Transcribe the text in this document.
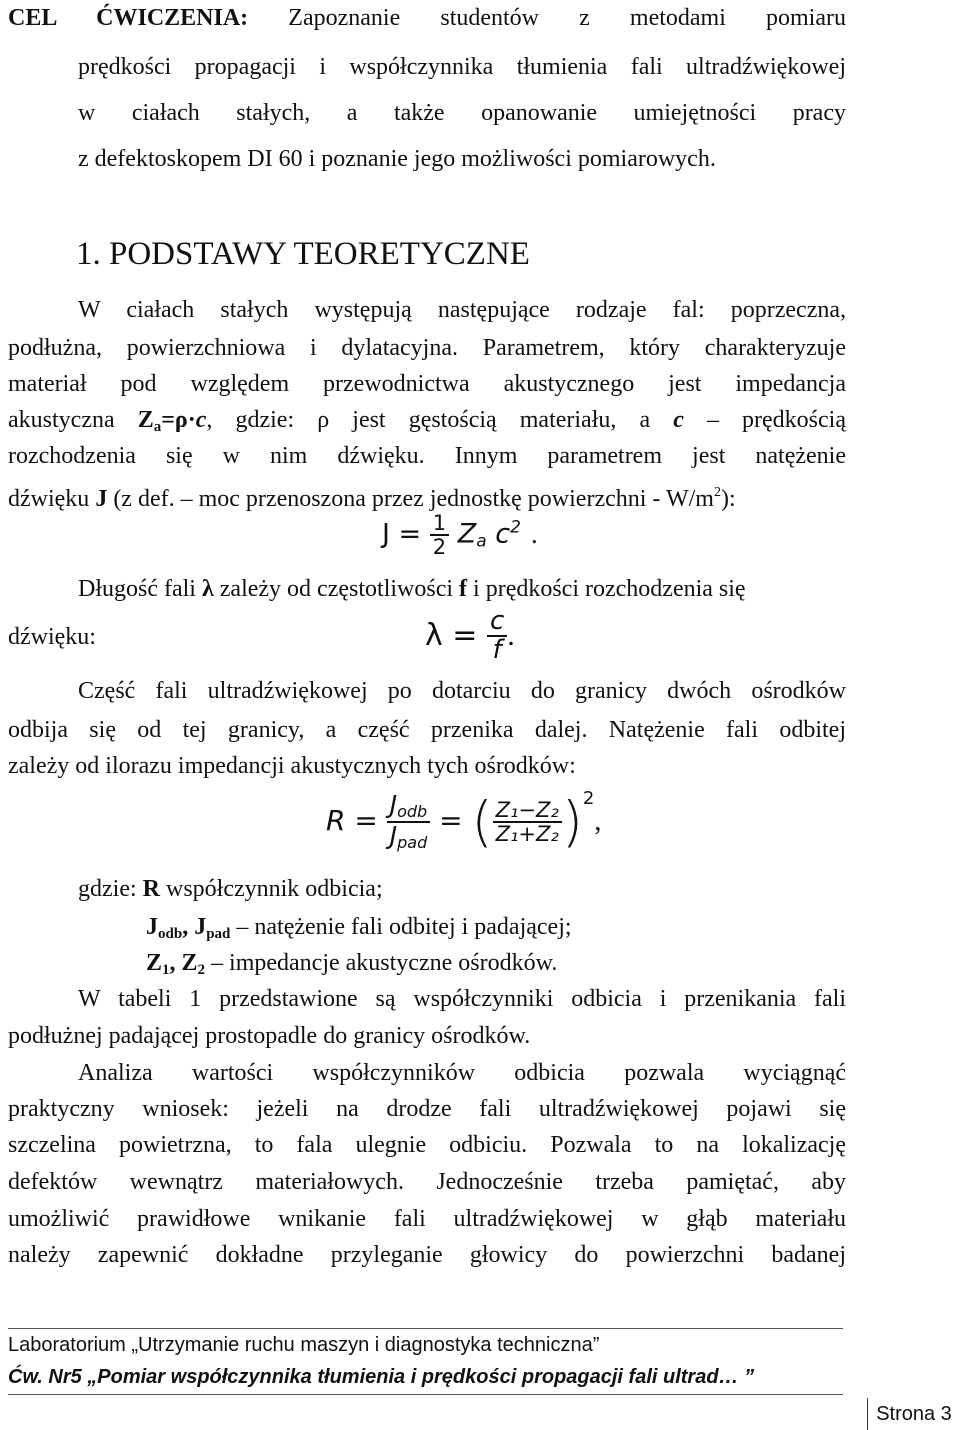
CEL ĆWICZENIA: Zapoznanie studentów z metodami pomiaru
prędkości propagacji i współczynnika tłumienia fali ultradźwiękowej
w ciałach stałych, a także opanowanie umiejętności pracy
z defektoskopem DI 60 i poznanie jego możliwości pomiarowych.
1. PODSTAWY TEORETYCZNE
W ciałach stałych występują następujące rodzaje fal: poprzeczna,
podłużna, powierzchniowa i dylatacyjna. Parametrem, który charakteryzuje
materiał pod względem przewodnictwa akustycznego jest impedancja
akustyczna $Z_a=\rho\cdot c$, gdzie: ρ jest gęstością materiału, a c – prędkością
rozchodzenia się w nim dźwięku. Innym parametrem jest natężenie
dźwięku J (z def. – moc przenoszona przez jednostkę powierzchni - $W/m^2$):
$J = \frac{1}{2} Z_a$ $c^2$ .
Długość fali λ zależy od częstotliwości f i prędkości rozchodzenia się
dźwięku:	$\lambda = \frac{c}{f}$ .
Część fali ultradźwiękowej po dotarciu do granicy dwóch ośrodków
odbija się od tej granicy, a część przenika dalej. Natężenie fali odbitej
zależy od ilorazu impedancji akustycznych tych ośrodków:
$R = \frac{J_{odb}}{J_{pad}}$ = ( $\frac{\text{Z₁−Z₂}}{\text{Z₁+Z₂}} )^2$,
gdzie: R współczynnik odbicia;
$J_{odb}$, $J_{pad}$ – natężenie fali odbitej i padającej;
$Z_1$, $Z_2$ – impedancje akustyczne ośrodków.
W tabeli 1 przedstawione są współczynniki odbicia i przenikania fali
podłużnej padającej prostopadle do granicy ośrodków.
Analiza wartości współczynników odbicia pozwala wyciągnąć
praktyczny wniosek: jeżeli na drodze fali ultradźwiękowej pojawi się
szczelina powietrzna, to fala ulegnie odbiciu. Pozwala to na lokalizację
defektów wewnątrz materiałowych. Jednocześnie trzeba pamiętać, aby
umożliwić prawidłowe wnikanie fali ultradźwiękowej w głąb materiału
należy zapewnić dokładne przyleganie głowicy do powierzchni badanej
Laboratorium „Utrzymanie ruchu maszyn i diagnostyka techniczna”
Ćw. Nr5 „Pomiar współczynnika tłumienia i prędkości propagacji fali ultrad… ”
Strona 3
